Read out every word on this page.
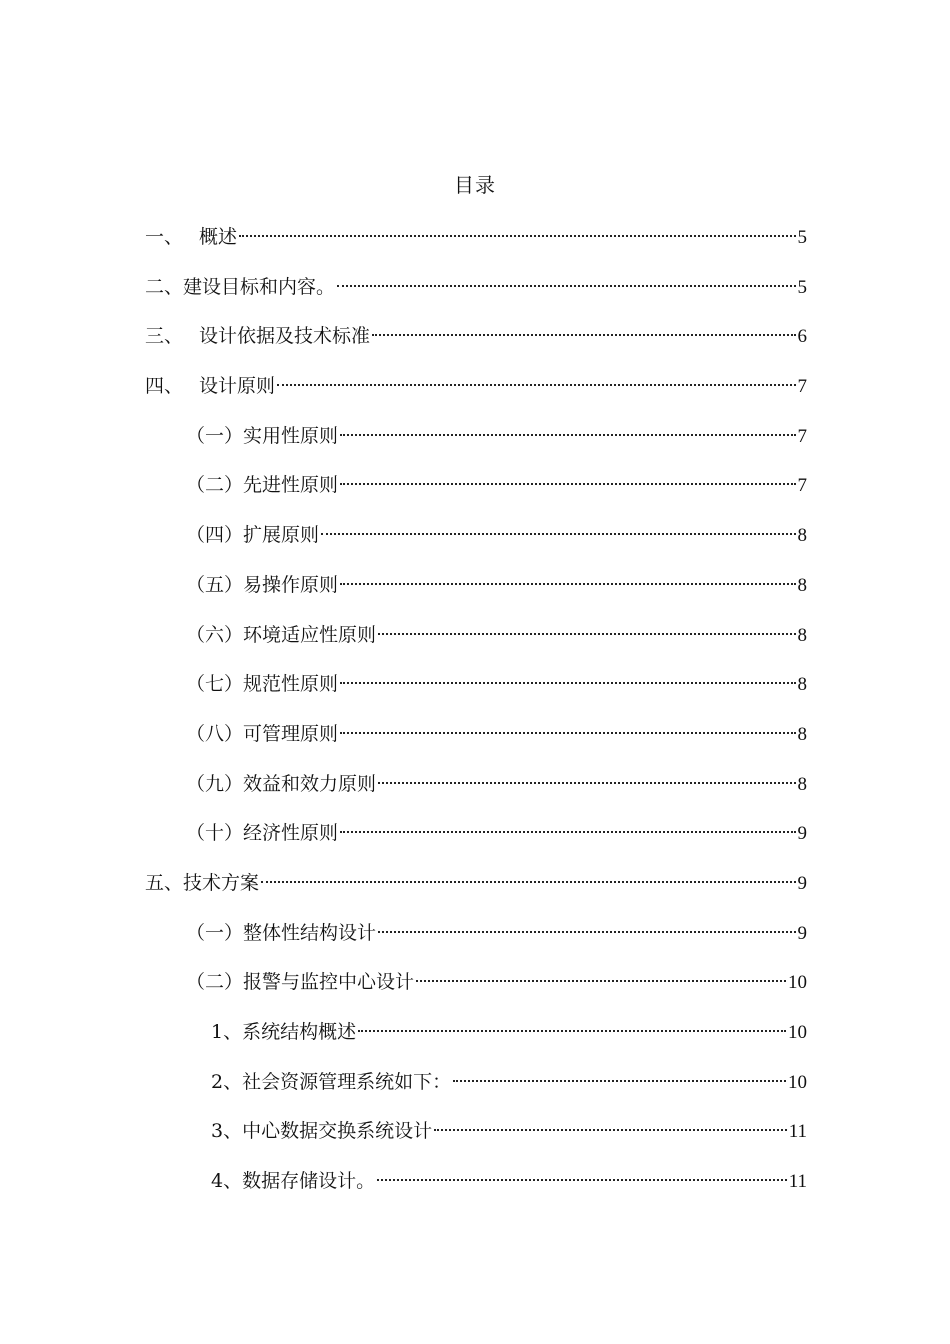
目录
一、 概述	5
二、 建设目标和内容。	5
三、 设计依据及技术标准	6
四、 设计原则	7
（一） 实用性原则	7
（二） 先进性原则	7
（四） 扩展原则	8
（五） 易操作原则	8
（六） 环境适应性原则	8
（七） 规范性原则	8
（八） 可管理原则	8
（九） 效益和效力原则	8
（十） 经济性原则	9
五、 技术方案	9
（一） 整体性结构设计	9
（二） 报警与监控中心设计	10
1、 系统结构概述	10
2、 社会资源管理系统如下：	10
3、 中心数据交换系统设计	11
4、 数据存储设计。	11
